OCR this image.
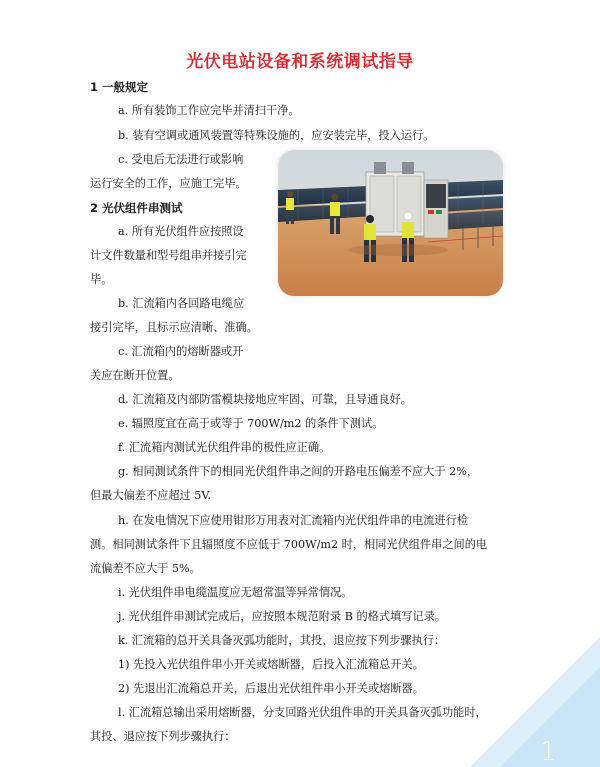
光伏电站设备和系统调试指导
1 一般规定
a. 所有装饰工作应完毕并清扫干净。
b. 装有空调或通风装置等特殊设施的，应安装完毕，投入运行。
c. 受电后无法进行或影响
运行安全的工作，应施工完毕。
2 光伏组件串测试
a. 所有光伏组件应按照设
计文件数量和型号组串并接引完
毕。
b. 汇流箱内各回路电缆应
接引完毕，且标示应清晰、准确。
c. 汇流箱内的熔断器或开
关应在断开位置。
d. 汇流箱及内部防雷模块接地应牢固、可靠，且导通良好。
e. 辐照度宜在高于或等于 700W/m2 的条件下测试。
f. 汇流箱内测试光伏组件串的极性应正确。
g. 相同测试条件下的相同光伏组件串之间的开路电压偏差不应大于 2%，
但最大偏差不应超过 5V.
h. 在发电情况下应使用钳形万用表对汇流箱内光伏组件串的电流进行检
测。相同测试条件下且辐照度不应低于 700W/m2 时，相同光伏组件串之间的电
流偏差不应大于 5%。
i. 光伏组件串电缆温度应无超常温等异常情况。
j. 光伏组件串测试完成后，应按照本规范附录 B 的格式填写记录。
k. 汇流箱的总开关具备灭弧功能时，其投、退应按下列步骤执行：
1) 先投入光伏组件串小开关或熔断器，后投入汇流箱总开关。
2) 先退出汇流箱总开关，后退出光伏组件串小开关或熔断器。
l. 汇流箱总输出采用熔断器，分支回路光伏组件串的开关具备灭弧功能时，
其投、退应按下列步骤执行：
1
